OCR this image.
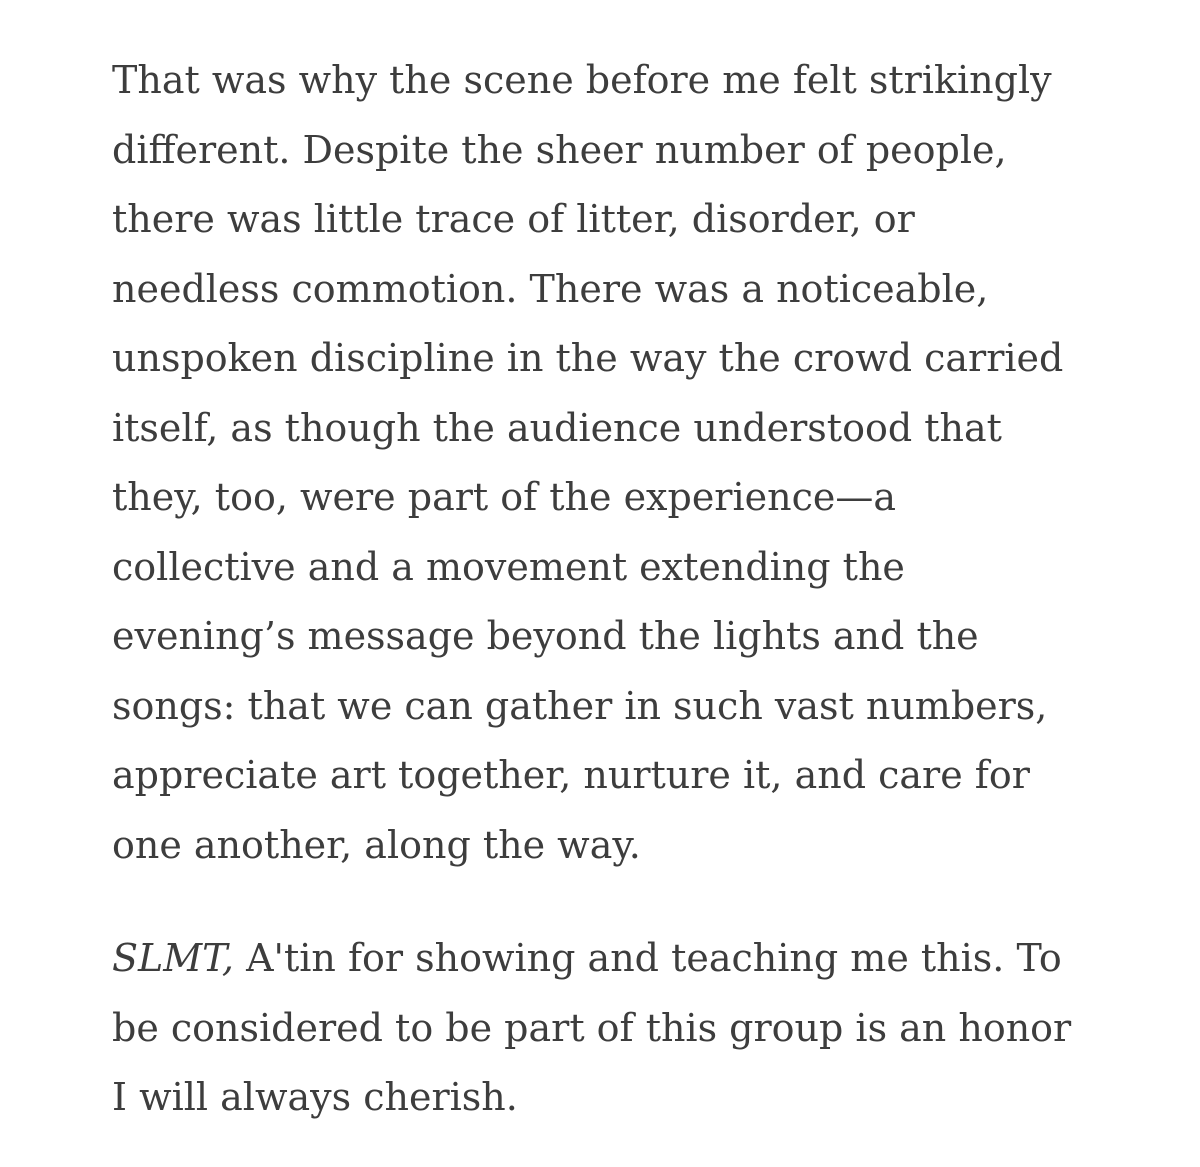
That was why the scene before me felt strikingly
different. Despite the sheer number of people,
there was little trace of litter, disorder, or
needless commotion. There was a noticeable,
unspoken discipline in the way the crowd carried
itself, as though the audience understood that
they, too, were part of the experience—a
collective and a movement extending the
evening’s message beyond the lights and the
songs: that we can gather in such vast numbers,
appreciate art together, nurture it, and care for
one another, along the way.

SLMT, A'tin for showing and teaching me this. To
be considered to be part of this group is an honor
I will always cherish.
